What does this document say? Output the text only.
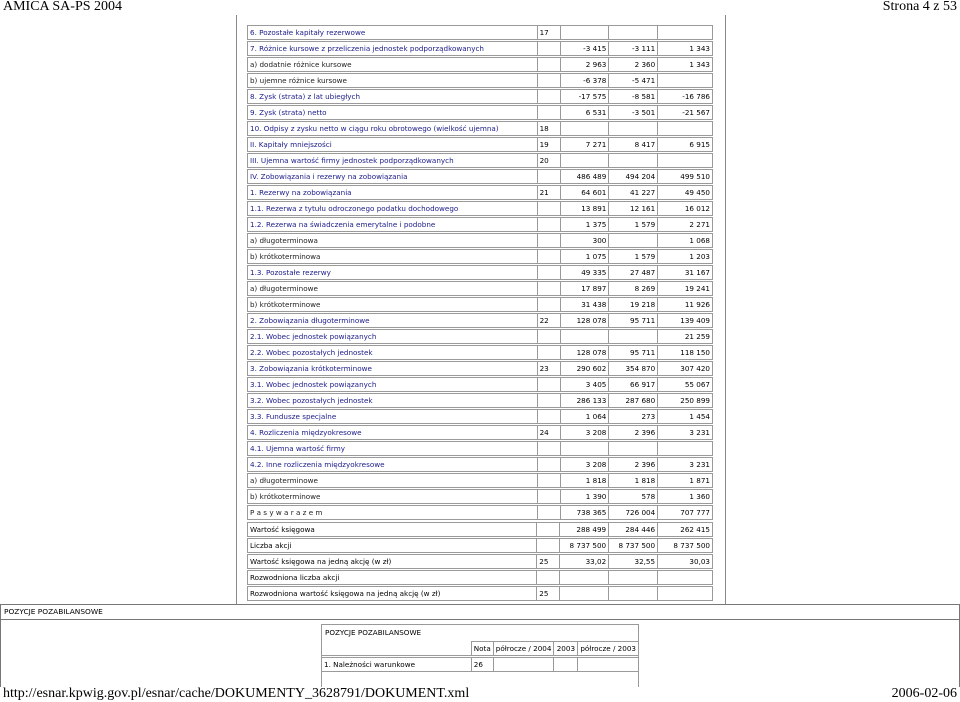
AMICA SA-PS 2004	Strona 4 z 53
6. Pozostałe kapitały rezerwowe	17			

7. Różnice kursowe z przeliczenia jednostek podporządkowanych		-3 415	-3 111	1 343

a) dodatnie różnice kursowe		2 963	2 360	1 343

b) ujemne różnice kursowe		-6 378	-5 471	

8. Zysk (strata) z lat ubiegłych		-17 575	-8 581	-16 786

9. Zysk (strata) netto		6 531	-3 501	-21 567

10. Odpisy z zysku netto w ciągu roku obrotowego (wielkość ujemna)	18			

II. Kapitały mniejszości	19	7 271	8 417	6 915

III. Ujemna wartość firmy jednostek podporządkowanych	20			

IV. Zobowiązania i rezerwy na zobowiązania		486 489	494 204	499 510

1. Rezerwy na zobowiązania	21	64 601	41 227	49 450

1.1. Rezerwa z tytułu odroczonego podatku dochodowego		13 891	12 161	16 012

1.2. Rezerwa na świadczenia emerytalne i podobne		1 375	1 579	2 271

a) długoterminowa		300		1 068

b) krótkoterminowa		1 075	1 579	1 203

1.3. Pozostałe rezerwy		49 335	27 487	31 167

a) długoterminowe		17 897	8 269	19 241

b) krótkoterminowe		31 438	19 218	11 926

2. Zobowiązania długoterminowe	22	128 078	95 711	139 409

2.1. Wobec jednostek powiązanych				21 259

2.2. Wobec pozostałych jednostek		128 078	95 711	118 150

3. Zobowiązania krótkoterminowe	23	290 602	354 870	307 420

3.1. Wobec jednostek powiązanych		3 405	66 917	55 067

3.2. Wobec pozostałych jednostek		286 133	287 680	250 899

3.3. Fundusze specjalne		1 064	273	1 454

4. Rozliczenia międzyokresowe	24	3 208	2 396	3 231

4.1. Ujemna wartość firmy				

4.2. Inne rozliczenia międzyokresowe		3 208	2 396	3 231

a) długoterminowe		1 818	1 818	1 871

b) krótkoterminowe		1 390	578	1 360

P a s y w a r a z e m		738 365	726 004	707 777
Wartość księgowa		288 499	284 446	262 415

Liczba akcji		8 737 500	8 737 500	8 737 500

Wartość księgowa na jedną akcję (w zł)	25	33,02	32,55	30,03

Rozwodniona liczba akcji				

Rozwodniona wartość księgowa na jedną akcję (w zł)	25			
POZYCJE POZABILANSOWE
POZYCJE POZABILANSOWE
	Nota	półrocze / 2004	2003	półrocze / 2003

1. Należności warunkowe	26			
http://esnar.kpwig.gov.pl/esnar/cache/DOKUMENTY_3628791/DOKUMENT.xml	2006-02-06
